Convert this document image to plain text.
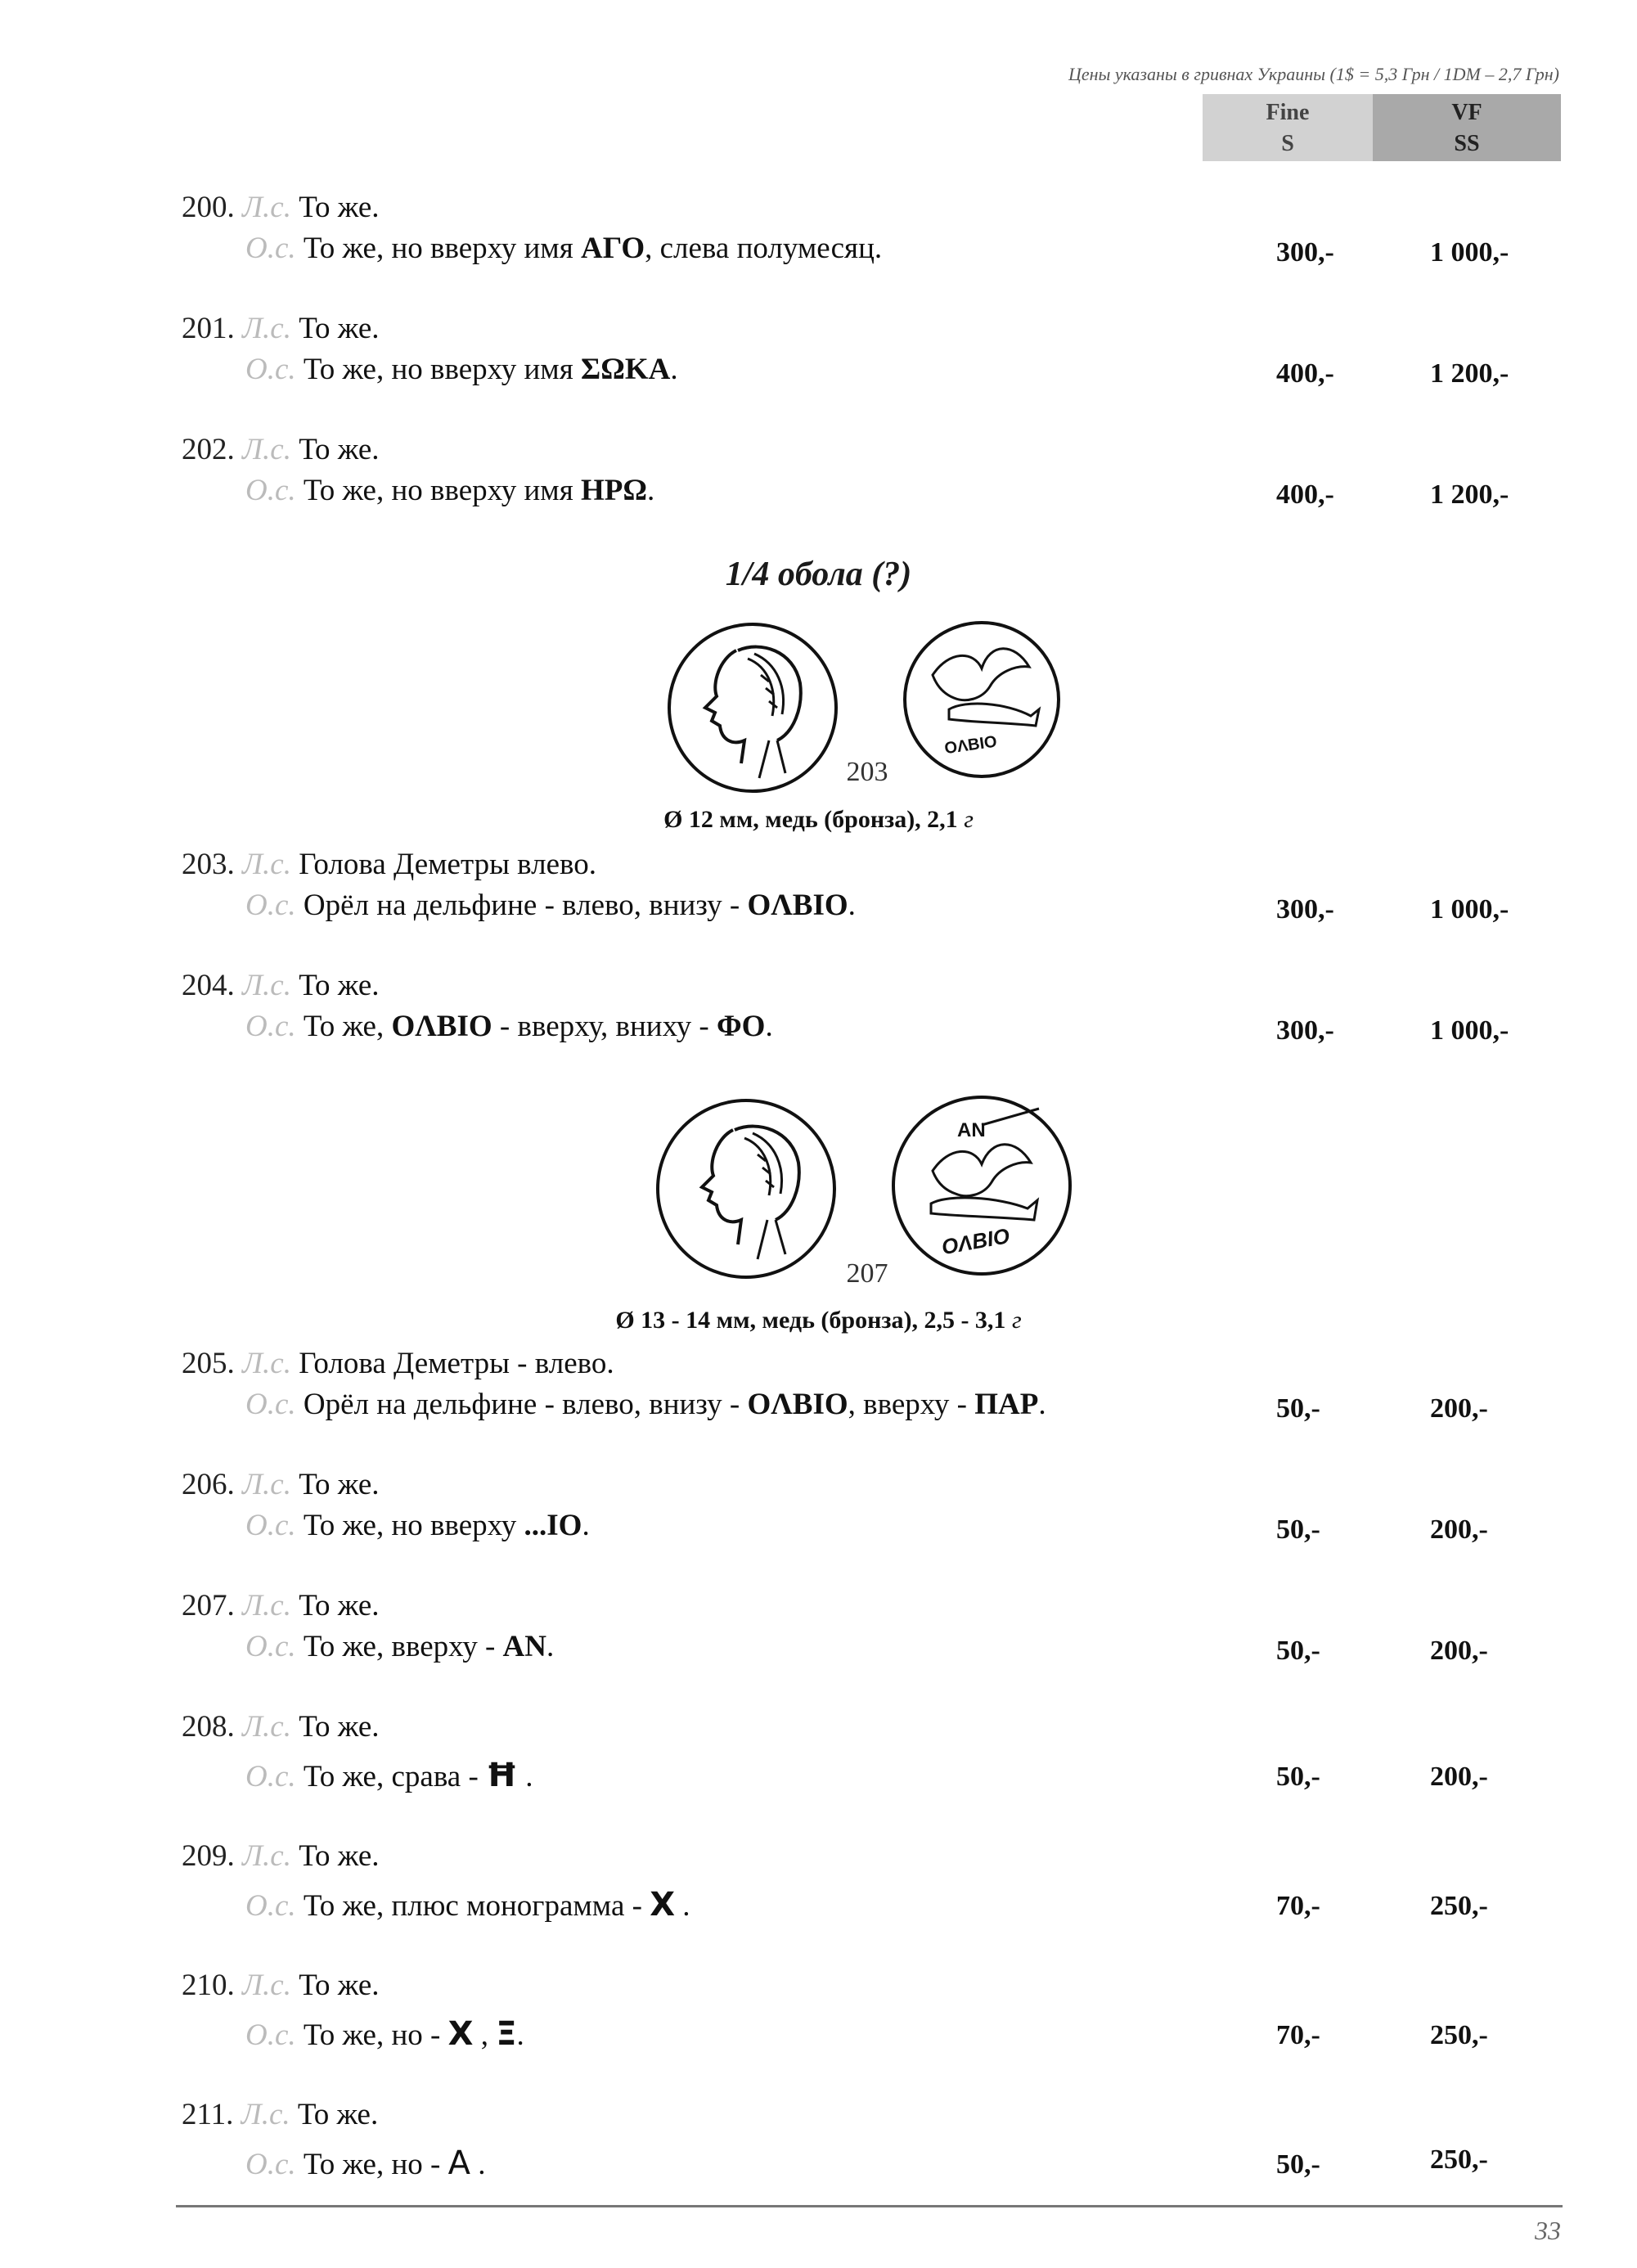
Цены указаны в гривнах Украины (1$ = 5,3 Грн / 1DM – 2,7 Грн)
Fine
S
VF
SS
200. Л.с. То же.
О.с. То же, но вверху имя АГО, слева полумесяц.	300,-	1 000,-
201. Л.с. То же.
О.с. То же, но вверху имя ΣΩΚΑ.	400,-	1 200,-
202. Л.с. То же.
О.с. То же, но вверху имя ΗΡΩ.	400,-	1 200,-
1/4 обола (?)
ОΛΒΙΟ
203
Ø 12 мм, медь (бронза), 2,1 г
203. Л.с. Голова Деметры влево.
О.с. Орёл на дельфине - влево, внизу - ОΛΒΙΟ.	300,-	1 000,-
204. Л.с. То же.
О.с. То же, ОΛΒΙΟ - вверху, вниху - ΦΟ.	300,-	1 000,-
ΑΝ
ОΛΒΙΟ
207
Ø 13 - 14 мм, медь (бронза), 2,5 - 3,1 г
205. Л.с. Голова Деметры - влево.
О.с. Орёл на дельфине - влево, внизу - ОΛΒΙΟ, вверху - ΠΑΡ.	50,-	200,-
206. Л.с. То же.
О.с. То же, но вверху ...ΙΟ.	50,-	200,-
207. Л.с. То же.
О.с. То же, вверху - ΑΝ.	50,-	200,-
208. Л.с. То же.
О.с. То же, срава - Ħ .	50,-	200,-
209. Л.с. То же.
О.с. То же, плюс монограмма - Χ .	70,-	250,-
210. Л.с. То же.
О.с. То же, но - Χ , Ξ.	70,-	250,-
211. Л.с. То же.
О.с. То же, но - Α .	50,-	250,-
33
